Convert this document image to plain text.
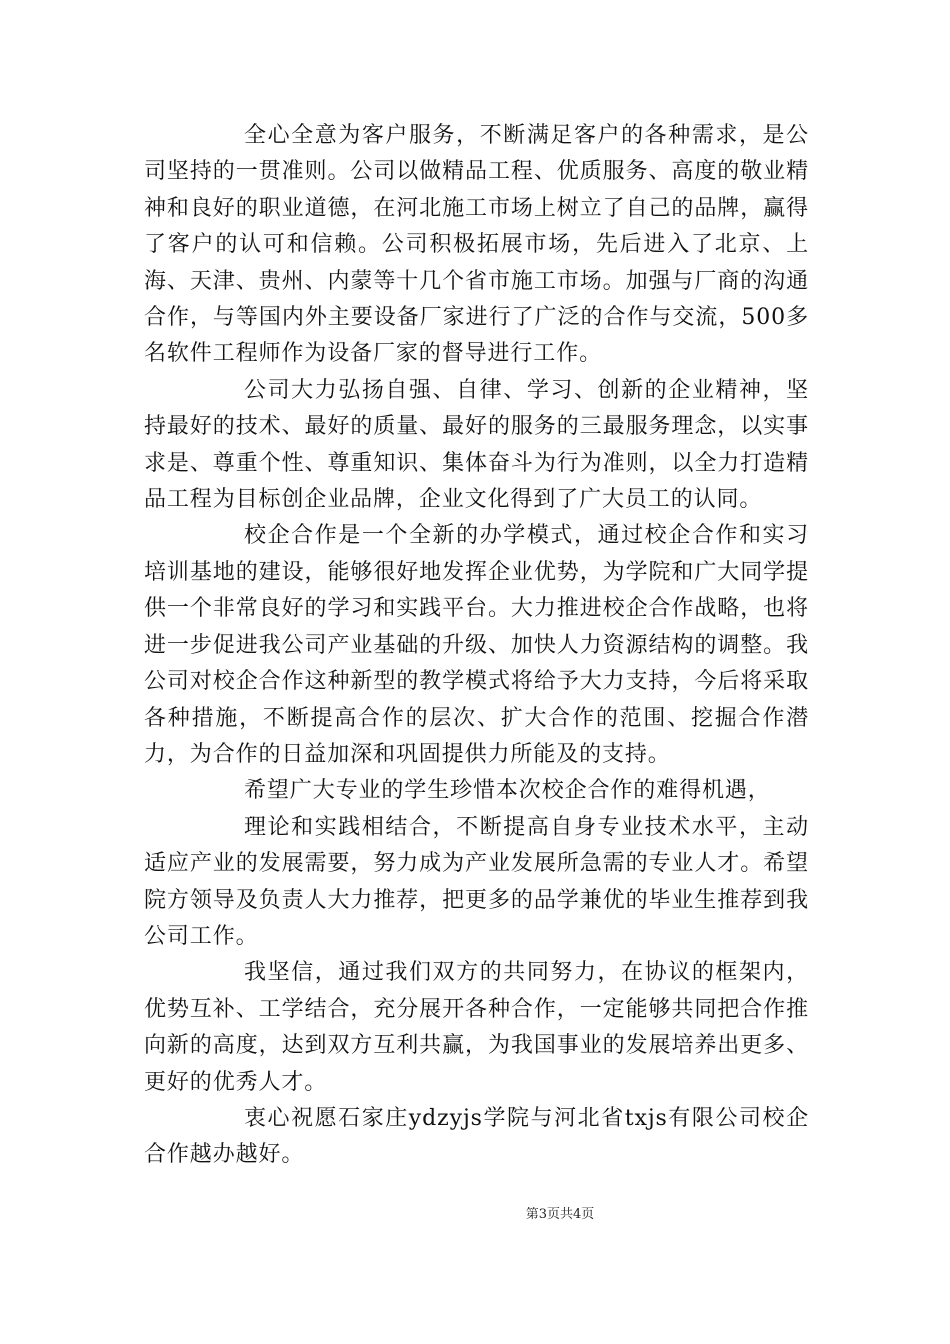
全心全意为客户服务，不断满足客户的各种需求，是公司坚持的一贯准则。公司以做精品工程、优质服务、高度的敬业精神和良好的职业道德，在河北施工市场上树立了自己的品牌，赢得了客户的认可和信赖。公司积极拓展市场，先后进入了北京、上海、天津、贵州、内蒙等十几个省市施工市场。加强与厂商的沟通合作，与等国内外主要设备厂家进行了广泛的合作与交流，500多名软件工程师作为设备厂家的督导进行工作。

公司大力弘扬自强、自律、学习、创新的企业精神，坚持最好的技术、最好的质量、最好的服务的三最服务理念，以实事求是、尊重个性、尊重知识、集体奋斗为行为准则，以全力打造精品工程为目标创企业品牌，企业文化得到了广大员工的认同。

校企合作是一个全新的办学模式，通过校企合作和实习培训基地的建设，能够很好地发挥企业优势，为学院和广大同学提供一个非常良好的学习和实践平台。大力推进校企合作战略，也将进一步促进我公司产业基础的升级、加快人力资源结构的调整。我公司对校企合作这种新型的教学模式将给予大力支持，今后将采取各种措施，不断提高合作的层次、扩大合作的范围、挖掘合作潜力，为合作的日益加深和巩固提供力所能及的支持。

希望广大专业的学生珍惜本次校企合作的难得机遇，

理论和实践相结合，不断提高自身专业技术水平，主动适应产业的发展需要，努力成为产业发展所急需的专业人才。希望院方领导及负责人大力推荐，把更多的品学兼优的毕业生推荐到我公司工作。

我坚信，通过我们双方的共同努力，在协议的框架内，优势互补、工学结合，充分展开各种合作，一定能够共同把合作推向新的高度，达到双方互利共赢，为我国事业的发展培养出更多、更好的优秀人才。

衷心祝愿石家庄ydzyjs学院与河北省txjs有限公司校企合作越办越好。

第3页共4页
